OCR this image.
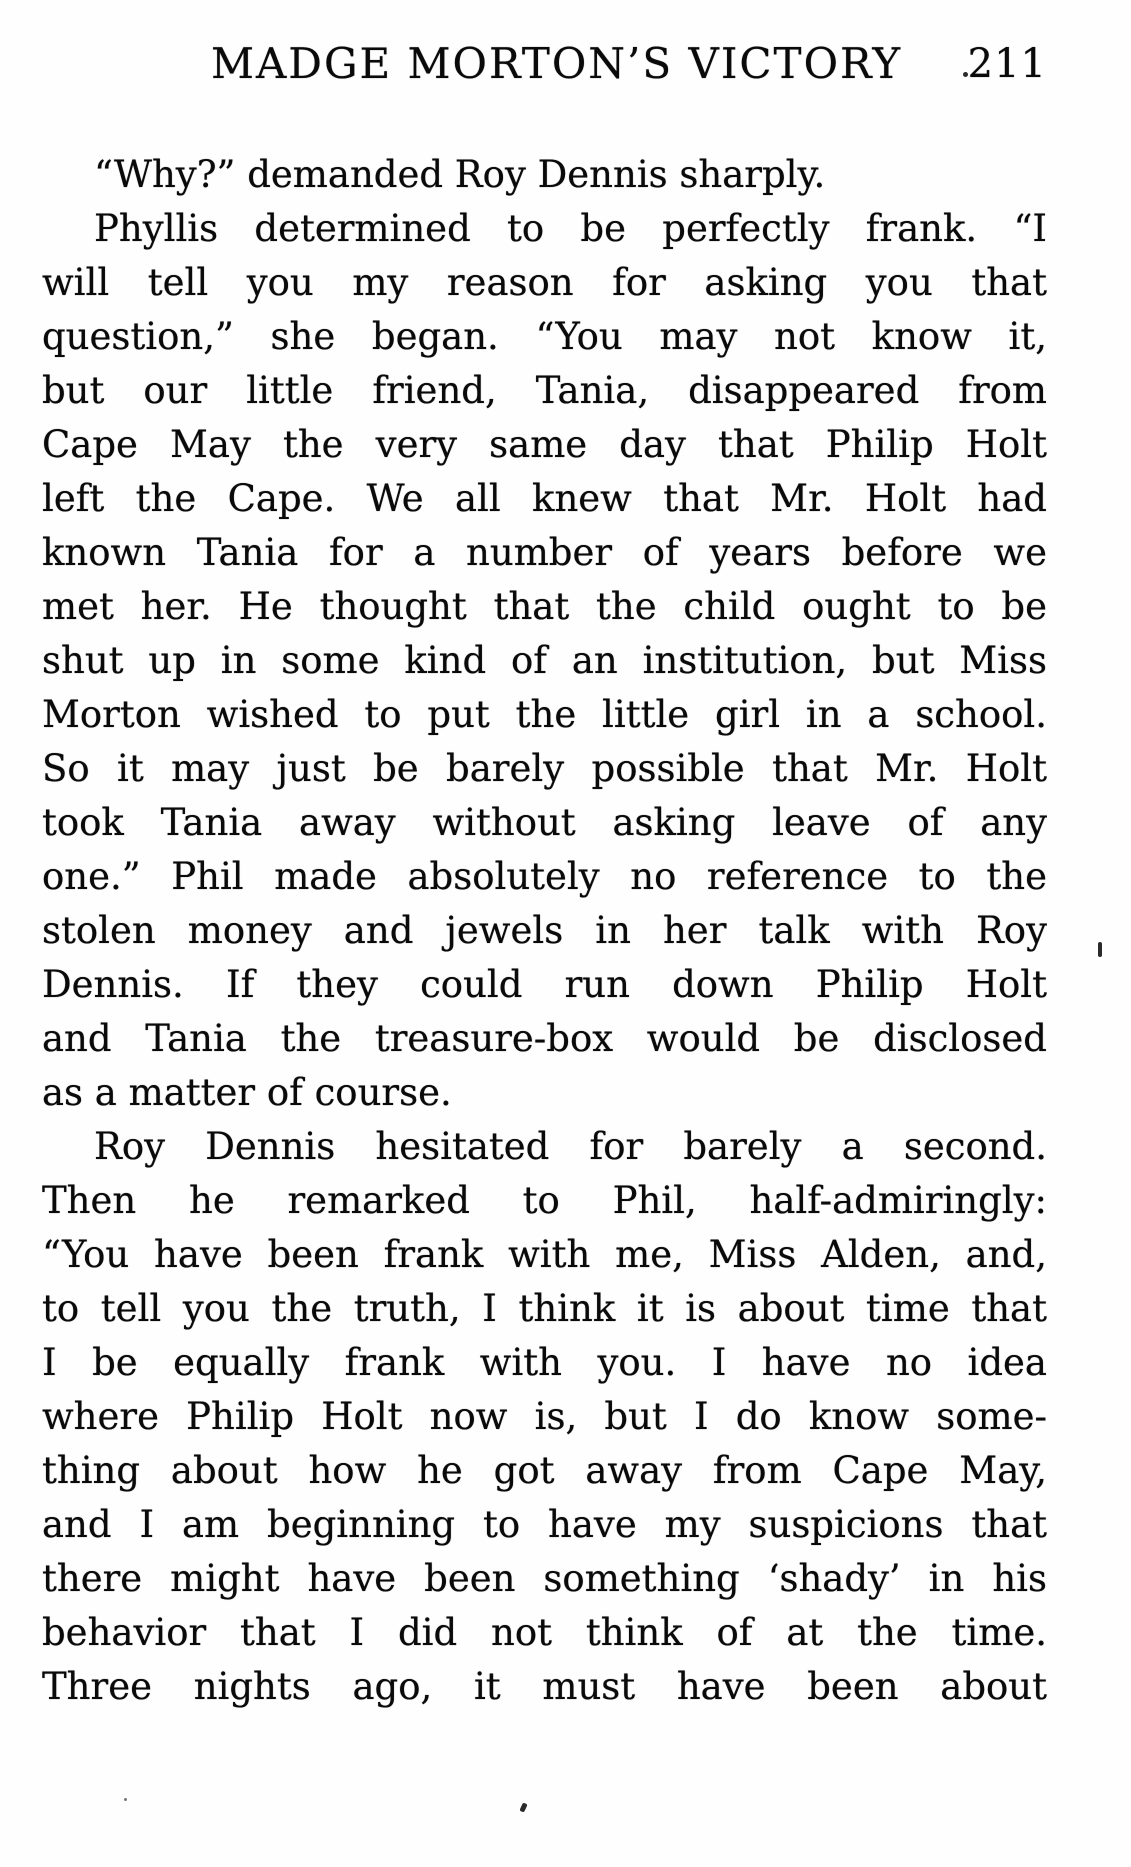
MADGE MORTON’S VICTORY	211
“Why?” demanded Roy Dennis sharply.
Phyllis determined to be perfectly frank. “I
will tell you my reason for asking you that
question,” she began. “You may not know it,
but our little friend, Tania, disappeared from
Cape May the very same day that Philip Holt
left the Cape. We all knew that Mr. Holt had
known Tania for a number of years before we
met her. He thought that the child ought to be
shut up in some kind of an institution, but Miss
Morton wished to put the little girl in a school.
So it may just be barely possible that Mr. Holt
took Tania away without asking leave of any
one.” Phil made absolutely no reference to the
stolen money and jewels in her talk with Roy
Dennis. If they could run down Philip Holt
and Tania the treasure-box would be disclosed
as a matter of course.
Roy Dennis hesitated for barely a second.
Then he remarked to Phil, half-admiringly:
“You have been frank with me, Miss Alden, and,
to tell you the truth, I think it is about time that
I be equally frank with you. I have no idea
where Philip Holt now is, but I do know some-
thing about how he got away from Cape May,
and I am beginning to have my suspicions that
there might have been something ‘shady’ in his
behavior that I did not think of at the time.
Three nights ago, it must have been about
